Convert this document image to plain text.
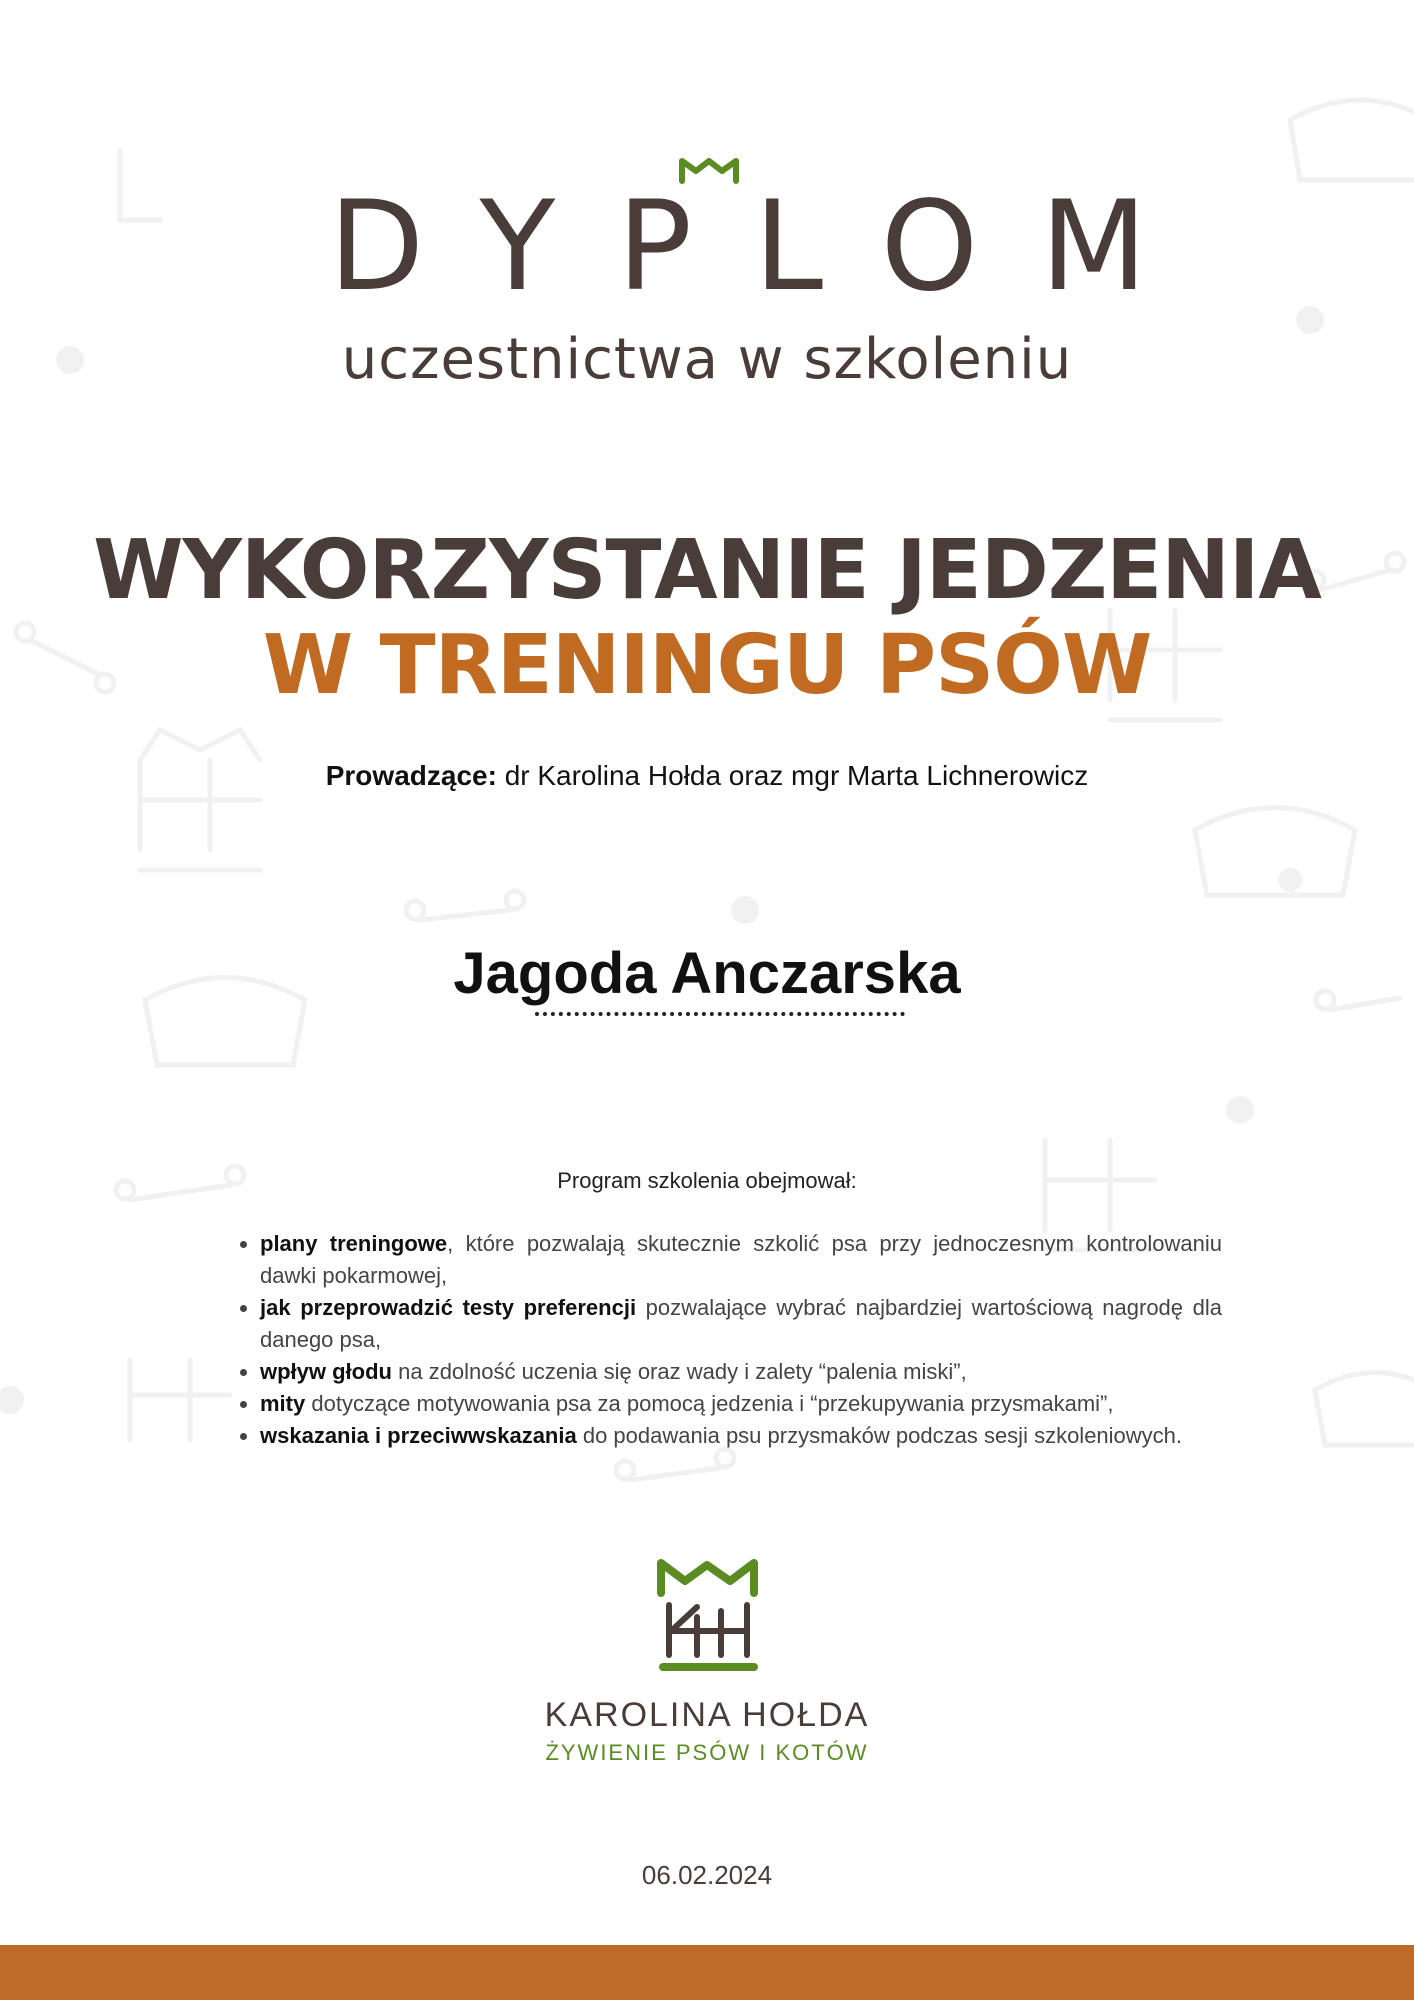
DYPLOM
uczestnictwa w szkoleniu
WYKORZYSTANIE JEDZENIA
W TRENINGU PSÓW
Prowadzące: dr Karolina Hołda oraz mgr Marta Lichnerowicz
Jagoda Anczarska
Program szkolenia obejmował:
• plany treningowe, które pozwalają skutecznie szkolić psa przy jednoczesnym kontrolowaniu dawki pokarmowej,
• jak przeprowadzić testy preferencji pozwalające wybrać najbardziej wartościową nagrodę dla danego psa,
• wpływ głodu na zdolność uczenia się oraz wady i zalety “palenia miski”,
• mity dotyczące motywowania psa za pomocą jedzenia i “przekupywania przysmakami”,
• wskazania i przeciwwskazania do podawania psu przysmaków podczas sesji szkoleniowych.
KAROLINA HOŁDA
ŻYWIENIE PSÓW I KOTÓW
06.02.2024
